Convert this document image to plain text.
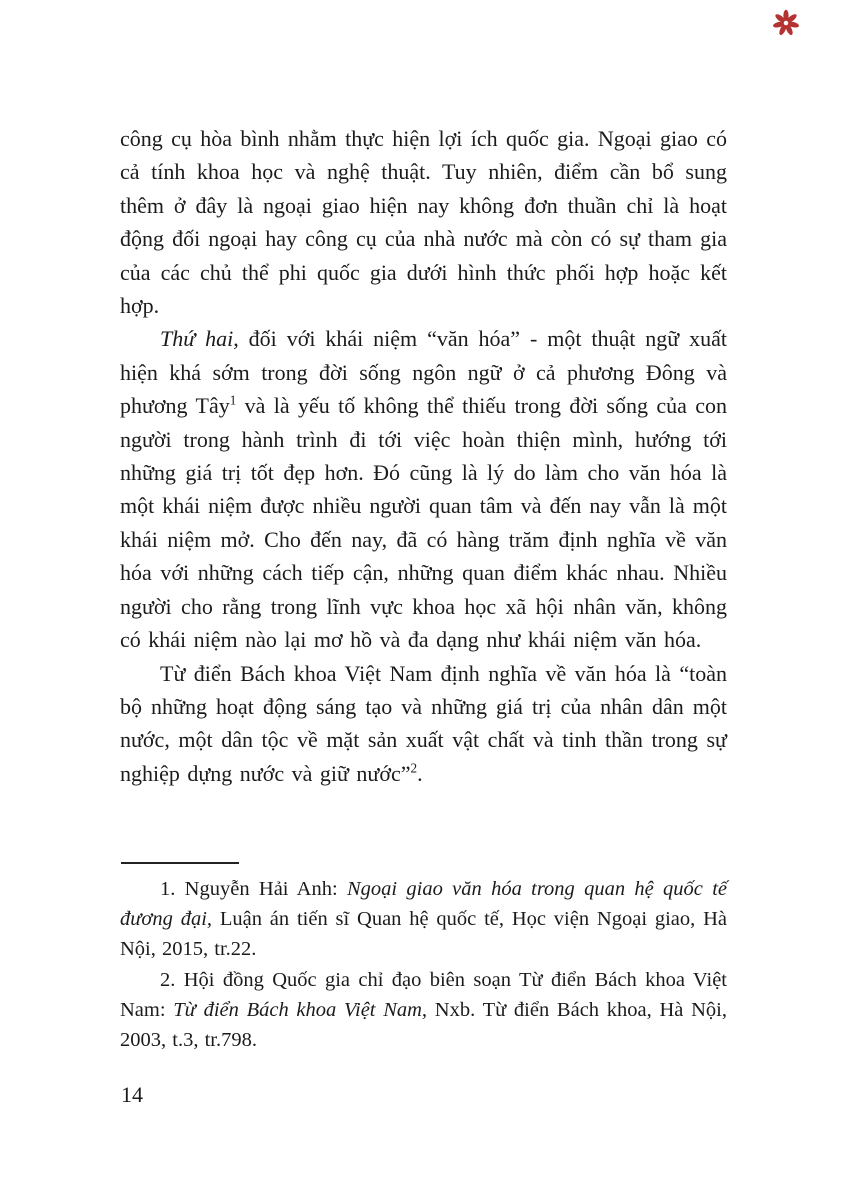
công cụ hòa bình nhằm thực hiện lợi ích quốc gia. Ngoại giao có cả tính khoa học và nghệ thuật. Tuy nhiên, điểm cần bổ sung thêm ở đây là ngoại giao hiện nay không đơn thuần chỉ là hoạt động đối ngoại hay công cụ của nhà nước mà còn có sự tham gia của các chủ thể phi quốc gia dưới hình thức phối hợp hoặc kết hợp.

Thứ hai, đối với khái niệm “văn hóa” - một thuật ngữ xuất hiện khá sớm trong đời sống ngôn ngữ ở cả phương Đông và phương Tây$^1$ và là yếu tố không thể thiếu trong đời sống của con người trong hành trình đi tới việc hoàn thiện mình, hướng tới những giá trị tốt đẹp hơn. Đó cũng là lý do làm cho văn hóa là một khái niệm được nhiều người quan tâm và đến nay vẫn là một khái niệm mở. Cho đến nay, đã có hàng trăm định nghĩa về văn hóa với những cách tiếp cận, những quan điểm khác nhau. Nhiều người cho rằng trong lĩnh vực khoa học xã hội nhân văn, không có khái niệm nào lại mơ hồ và đa dạng như khái niệm văn hóa.

Từ điển Bách khoa Việt Nam định nghĩa về văn hóa là “toàn bộ những hoạt động sáng tạo và những giá trị của nhân dân một nước, một dân tộc về mặt sản xuất vật chất và tinh thần trong sự nghiệp dựng nước và giữ nước”$^2$.

1. Nguyễn Hải Anh: Ngoại giao văn hóa trong quan hệ quốc tế đương đại, Luận án tiến sĩ Quan hệ quốc tế, Học viện Ngoại giao, Hà Nội, 2015, tr.22.

2. Hội đồng Quốc gia chỉ đạo biên soạn Từ điển Bách khoa Việt Nam: Từ điển Bách khoa Việt Nam, Nxb. Từ điển Bách khoa, Hà Nội, 2003, t.3, tr.798.

14
